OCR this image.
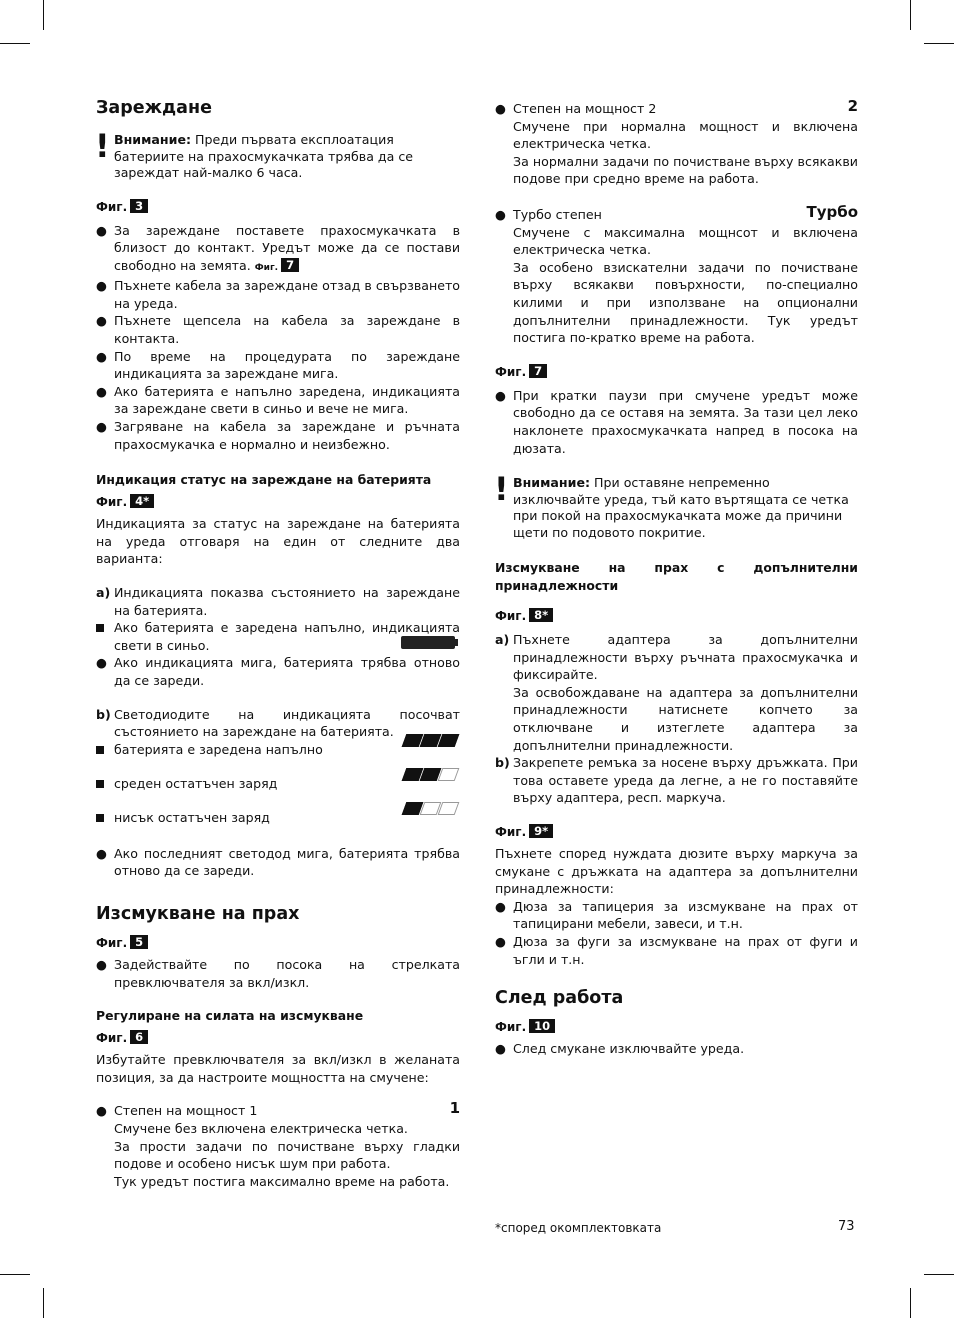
Зареждане
! Внимание: Преди първата експлоатация батериите на прахосмукачката трябва да се зареждат най-малко 6 часа.
Фиг. 3
● За зареждане поставете прахосмукачката в близост до контакт. Уредът може да се постави свободно на земята. Фиг. 7
● Пъхнете кабела за зареждане отзад в свързването на уреда.
● Пъхнете щепсела на кабела за зареждане в контакта.
● По време на процедурата по зареждане индикацията за зареждане мига.
● Ако батерията е напълно заредена, индикацията за зареждане свети в синьо и вече не мига.
● Загряване на кабела за зареждане и ръчната прахосмукачка е нормално и неизбежно.
Индикация статус на зареждане на батерията
Фиг. 4*
Индикацията за статус на зареждане на батерията на уреда отговаря на един от следните два варианта:
a) Индикацията показва състоянието на зареждане на батерията.
Ако батерията е заредена напълно, индикацията свети в синьо.
● Ако индикацията мига, батерията трябва отново да се зареди.
b) Светодиодите на индикацията посочват състоянието на зареждане на батерията.
батерията е заредена напълно
среден остатъчен заряд
нисък остатъчен заряд
● Ако последният светодод мига, батерията трябва отново да се зареди.
Изсмукване на прах
Фиг. 5
● Задействайте по посока на стрелката превключвателя за вкл/изкл.
Регулиране на силата на изсмукване
Фиг. 6
Избутайте превключвателя за вкл/изкл в желаната позиция, за да настроите мощността на смучене:
● Степен на мощност 1	1
Смучене без включена електрическа четка.
За прости задачи по почистване върху гладки подове и особено нисък шум при работа.
Тук уредът постига максимално време на работа.
● Степен на мощност 2	2
Смучене при нормална мощност и включена електрическа четка.
За нормални задачи по почистване върху всякакви подове при средно време на работа.
● Турбо степен	Турбо
Смучене с максимална мощнсот и включена електрическа четка.
За особено взискателни задачи по почистване върху всякакви повърхности, по-специално килими и при използване на опционални допълнителни принадлежности. Тук уредът постига по-кратко време на работа.
Фиг. 7
● При кратки паузи при смучене уредът може свободно да се оставя на земята. За тази цел леко наклонете прахосмукачката напред в посока на дюзата.
! Внимание: При оставяне непременно изключвайте уреда, тъй като въртящата се четка при покой на прахосмукачката може да причини щети по подовото покритие.
Изсмукване на прах с допълнителни принадлежности
Фиг. 8*
a) Пъхнете адаптера за допълнителни принадлежности върху ръчната прахосмукачка и фиксирайте.
За освобождаване на адаптера за допълнителни принадлежности натиснете копчето за отключване и изтеглете адаптера за допълнителни принадлежности.
b) Закрепете ремъка за носене върху дръжката. При това оставете уреда да легне, а не го поставяйте върху адаптера, респ. маркуча.
Фиг. 9*
Пъхнете според нуждата дюзите върху маркуча за смукане с дръжката на адаптера за допълнителни принадлежности:
● Дюза за тапицерия за изсмукване на прах от тапицирани мебели, завеси, и т.н.
● Дюза за фуги за изсмукване на прах от фуги и ъгли и т.н.
След работа
Фиг. 10
● След смукане изключвайте уреда.
*според окомплектовката	73
